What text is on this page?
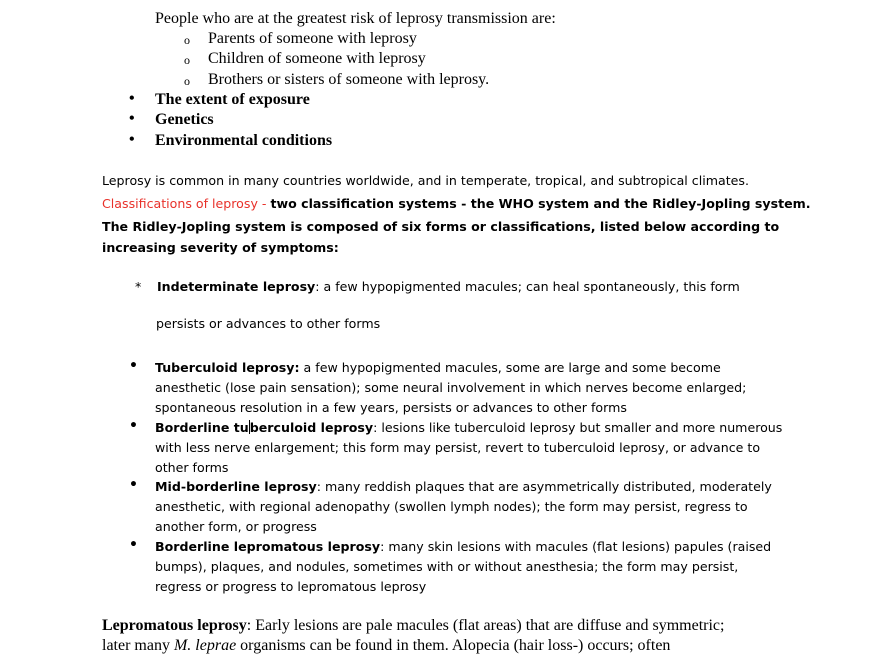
People who are at the greatest risk of leprosy transmission are:
o Parents of someone with leprosy
o Children of someone with leprosy
o Brothers or sisters of someone with leprosy.
• The extent of exposure
• Genetics
• Environmental conditions
Leprosy is common in many countries worldwide, and in temperate, tropical, and subtropical climates.
Classifications of leprosy - two classification systems - the WHO system and the Ridley-Jopling system.
The Ridley-Jopling system is composed of six forms or classifications, listed below according to
increasing severity of symptoms:
* Indeterminate leprosy: a few hypopigmented macules; can heal spontaneously, this form
persists or advances to other forms
• Tuberculoid leprosy: a few hypopigmented macules, some are large and some become
anesthetic (lose pain sensation); some neural involvement in which nerves become enlarged;
spontaneous resolution in a few years, persists or advances to other forms
• Borderline tuberculoid leprosy: lesions like tuberculoid leprosy but smaller and more numerous
with less nerve enlargement; this form may persist, revert to tuberculoid leprosy, or advance to
other forms
• Mid-borderline leprosy: many reddish plaques that are asymmetrically distributed, moderately
anesthetic, with regional adenopathy (swollen lymph nodes); the form may persist, regress to
another form, or progress
• Borderline lepromatous leprosy: many skin lesions with macules (flat lesions) papules (raised
bumps), plaques, and nodules, sometimes with or without anesthesia; the form may persist,
regress or progress to lepromatous leprosy
Lepromatous leprosy: Early lesions are pale macules (flat areas) that are diffuse and symmetric;
later many M. leprae organisms can be found in them. Alopecia (hair loss-) occurs; often
